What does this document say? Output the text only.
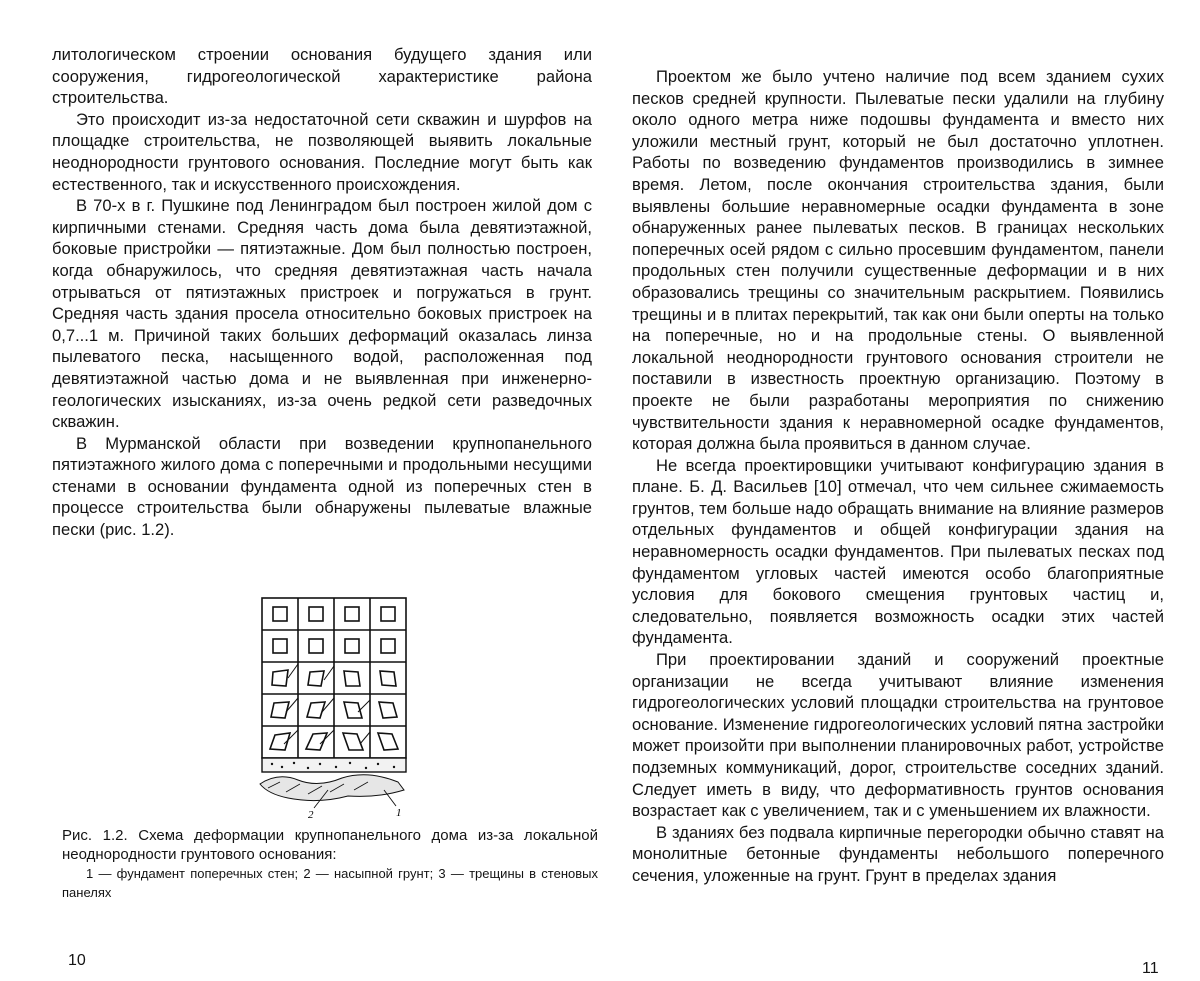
литологическом строении основания будущего здания или сооружения, гидрогеологической характеристике района строительства.

Это происходит из-за недостаточной сети скважин и шурфов на площадке строительства, не позволяющей выявить локальные неоднородности грунтового основания. Последние могут быть как естественного, так и искусственного происхождения.

В 70-х в г. Пушкине под Ленинградом был построен жилой дом с кирпичными стенами. Средняя часть дома была девятиэтажной, боковые пристройки — пятиэтажные. Дом был полностью построен, когда обнаружилось, что средняя девятиэтажная часть начала отрываться от пятиэтажных пристроек и погружаться в грунт. Средняя часть здания просела относительно боковых пристроек на 0,7...1 м. Причиной таких больших деформаций оказалась линза пылеватого песка, насыщенного водой, расположенная под девятиэтажной частью дома и не выявленная при инженерно-геологических изысканиях, из-за очень редкой сети разведочных скважин.

В Мурманской области при возведении крупнопанельного пятиэтажного жилого дома с поперечными и продольными несущими стенами в основании фундамента одной из поперечных стен в процессе строительства были обнаружены пылеватые влажные пески (рис. 1.2).

2	1
Рис. 1.2. Схема деформации крупнопанельного дома из-за локальной неоднородности грунтового основания:
1 — фундамент поперечных стен; 2 — насыпной грунт; 3 — трещины в стеновых панелях
10

Проектом же было учтено наличие под всем зданием сухих песков средней крупности. Пылеватые пески удалили на глубину около одного метра ниже подошвы фундамента и вместо них уложили местный грунт, который не был достаточно уплотнен. Работы по возведению фундаментов производились в зимнее время. Летом, после окончания строительства здания, были выявлены большие неравномерные осадки фундамента в зоне обнаруженных ранее пылеватых песков. В границах нескольких поперечных осей рядом с сильно просевшим фундаментом, панели продольных стен получили существенные деформации и в них образовались трещины со значительным раскрытием. Появились трещины и в плитах перекрытий, так как они были оперты на только на поперечные, но и на продольные стены. О выявленной локальной неоднородности грунтового основания строители не поставили в известность проектную организацию. Поэтому в проекте не были разработаны мероприятия по снижению чувствительности здания к неравномерной осадке фундаментов, которая должна была проявиться в данном случае.

Не всегда проектировщики учитывают конфигурацию здания в плане. Б. Д. Васильев [10] отмечал, что чем сильнее сжимаемость грунтов, тем больше надо обращать внимание на влияние размеров отдельных фундаментов и общей конфигурации здания на неравномерность осадки фундаментов. При пылеватых песках под фундаментом угловых частей имеются особо благоприятные условия для бокового смещения грунтовых частиц и, следовательно, появляется возможность осадки этих частей фундамента.

При проектировании зданий и сооружений проектные организации не всегда учитывают влияние изменения гидрогеологических условий площадки строительства на грунтовое основание. Изменение гидрогеологических условий пятна застройки может произойти при выполнении планировочных работ, устройстве подземных коммуникаций, дорог, строительстве соседних зданий. Следует иметь в виду, что деформативность грунтов основания возрастает как с увеличением, так и с уменьшением их влажности.

В зданиях без подвала кирпичные перегородки обычно ставят на монолитные бетонные фундаменты небольшого поперечного сечения, уложенные на грунт. Грунт в пределах здания

11
